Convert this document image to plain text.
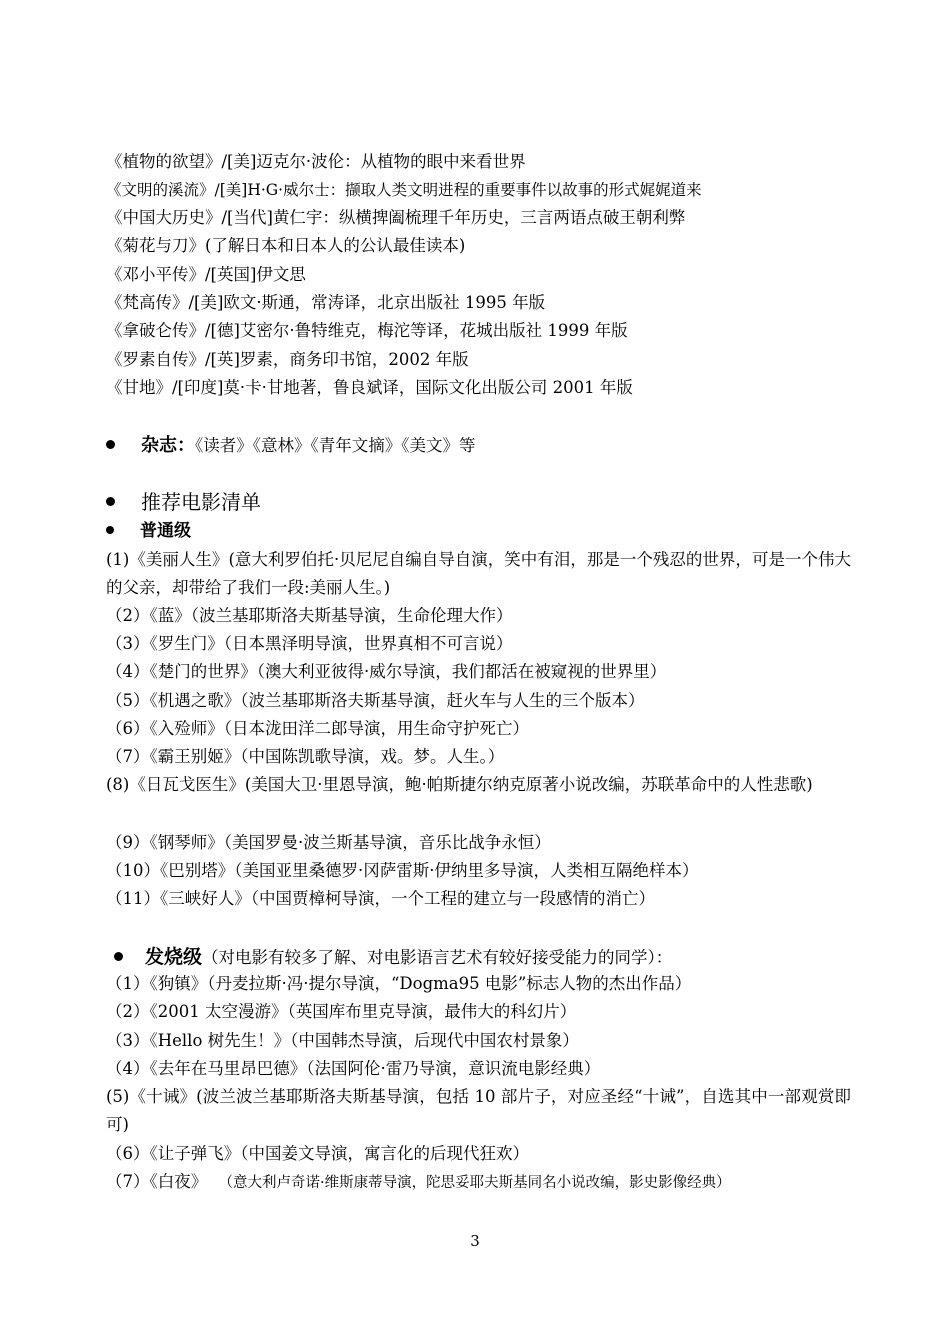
《植物的欲望》/[美]迈克尔·波伦：从植物的眼中来看世界
《文明的溪流》/[美]H·G·威尔士：撷取人类文明进程的重要事件以故事的形式娓娓道来
《中国大历史》/[当代]黄仁宇：纵横捭阖梳理千年历史，三言两语点破王朝利弊
《菊花与刀》(了解日本和日本人的公认最佳读本)
《邓小平传》/[英国]伊文思
《梵高传》/[美]欧文·斯通，常涛译，北京出版社 1995 年版
《拿破仑传》/[德]艾密尔·鲁特维克，梅沱等译，花城出版社 1999 年版
《罗素自传》/[英]罗素，商务印书馆，2002 年版
《甘地》/[印度]莫·卡·甘地著，鲁良斌译，国际文化出版公司 2001 年版
杂志：《读者》《意林》《青年文摘》《美文》等
推荐电影清单
普通级
(1)《美丽人生》(意大利罗伯托·贝尼尼自编自导自演，笑中有泪，那是一个残忍的世界，可是一个伟大的父亲，却带给了我们一段:美丽人生。)
（2）《蓝》（波兰基耶斯洛夫斯基导演，生命伦理大作）
（3）《罗生门》（日本黑泽明导演，世界真相不可言说）
（4）《楚门的世界》（澳大利亚彼得·威尔导演，我们都活在被窥视的世界里）
（5）《机遇之歌》（波兰基耶斯洛夫斯基导演，赶火车与人生的三个版本）
（6）《入殓师》（日本泷田洋二郎导演，用生命守护死亡）
（7）《霸王别姬》（中国陈凯歌导演，戏。梦。人生。）
(8)《日瓦戈医生》(美国大卫·里恩导演，鲍·帕斯捷尔纳克原著小说改编，苏联革命中的人性悲歌)
（9）《钢琴师》（美国罗曼·波兰斯基导演，音乐比战争永恒）
（10）《巴别塔》（美国亚里桑德罗·冈萨雷斯·伊纳里多导演，人类相互隔绝样本）
（11）《三峡好人》（中国贾樟柯导演，一个工程的建立与一段感情的消亡）
发烧级（对电影有较多了解、对电影语言艺术有较好接受能力的同学）：
（1）《狗镇》（丹麦拉斯·冯·提尔导演，“Dogma95 电影”标志人物的杰出作品）
（2）《2001 太空漫游》（英国库布里克导演，最伟大的科幻片）
（3）《Hello 树先生！》（中国韩杰导演，后现代中国农村景象）
（4）《去年在马里昂巴德》（法国阿伦·雷乃导演，意识流电影经典）
(5)《十诫》(波兰波兰基耶斯洛夫斯基导演，包括 10 部片子，对应圣经“十诫”，自选其中一部观赏即可)
（6）《让子弹飞》（中国姜文导演，寓言化的后现代狂欢）
（7）《白夜》 （意大利卢奇诺·维斯康蒂导演，陀思妥耶夫斯基同名小说改编，影史影像经典）
3
